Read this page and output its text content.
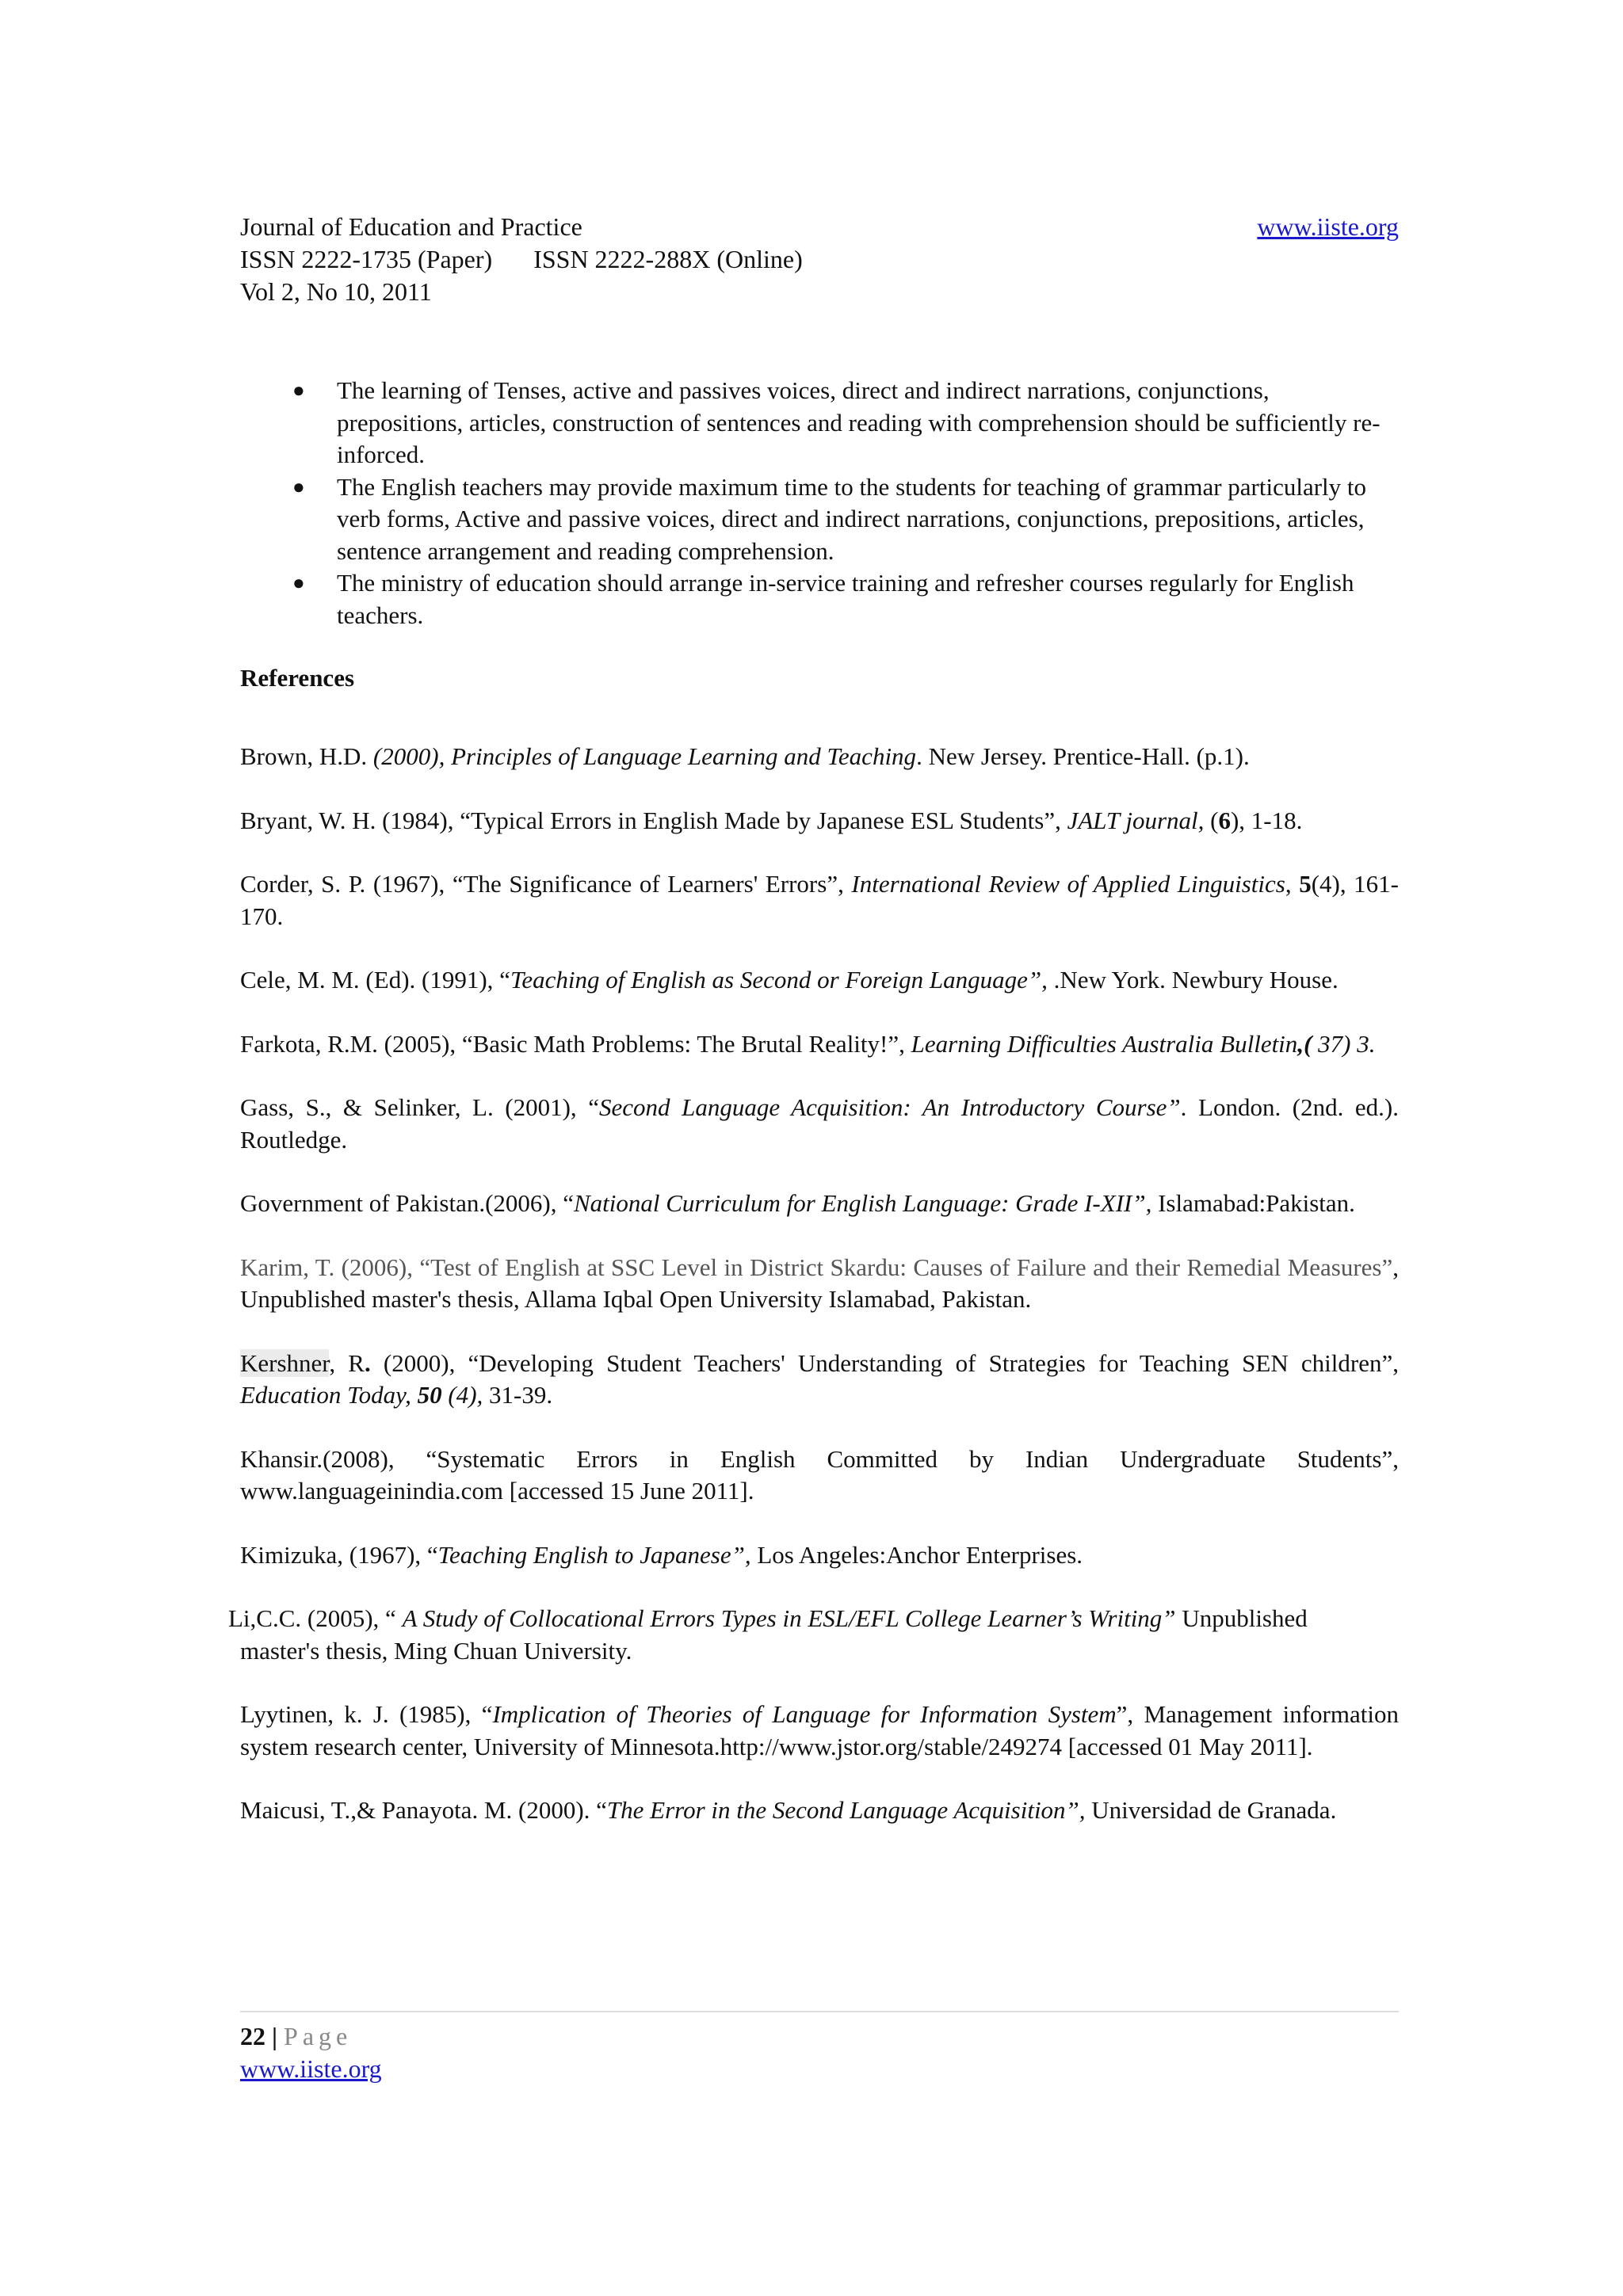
Journal of Education and Practice	www.iiste.org
ISSN 2222-1735 (Paper) ISSN 2222-288X (Online)
Vol 2, No 10, 2011
● The learning of Tenses, active and passives voices, direct and indirect narrations, conjunctions, prepositions, articles, construction of sentences and reading with comprehension should be sufficiently re-inforced.
● The English teachers may provide maximum time to the students for teaching of grammar particularly to verb forms, Active and passive voices, direct and indirect narrations, conjunctions, prepositions, articles, sentence arrangement and reading comprehension.
● The ministry of education should arrange in-service training and refresher courses regularly for English teachers.
References

Brown, H.D. (2000), Principles of Language Learning and Teaching. New Jersey. Prentice-Hall. (p.1).

Bryant, W. H. (1984), “Typical Errors in English Made by Japanese ESL Students”, JALT journal, (6), 1-18.

Corder, S. P. (1967), “The Significance of Learners' Errors”, International Review of Applied Linguistics, 5(4), 161-170.

Cele, M. M. (Ed). (1991), “Teaching of English as Second or Foreign Language”, .New York. Newbury House.

Farkota, R.M. (2005), “Basic Math Problems: The Brutal Reality!”, Learning Difficulties Australia Bulletin,( 37) 3.

Gass, S., & Selinker, L. (2001), “Second Language Acquisition: An Introductory Course”. London. (2nd. ed.). Routledge.

Government of Pakistan.(2006), “National Curriculum for English Language: Grade I-XII”, Islamabad:Pakistan.

Karim, T. (2006), “Test of English at SSC Level in District Skardu: Causes of Failure and their Remedial Measures”, Unpublished master's thesis, Allama Iqbal Open University Islamabad, Pakistan.

Kershner, R. (2000), “Developing Student Teachers' Understanding of Strategies for Teaching SEN children”, Education Today, 50 (4), 31-39.

Khansir.(2008), “Systematic Errors in English Committed by Indian Undergraduate Students”, www.languageinindia.com [accessed 15 June 2011].

Kimizuka, (1967), “Teaching English to Japanese”, Los Angeles:Anchor Enterprises.

Li,C.C. (2005), “ A Study of Collocational Errors Types in ESL/EFL College Learner’s Writing” Unpublished
master's thesis, Ming Chuan University.

Lyytinen, k. J. (1985), “Implication of Theories of Language for Information System”, Management information system research center, University of Minnesota.http://www.jstor.org/stable/249274 [accessed 01 May 2011].

Maicusi, T.,& Panayota. M. (2000). “The Error in the Second Language Acquisition”, Universidad de Granada.

22 | Page
www.iiste.org
